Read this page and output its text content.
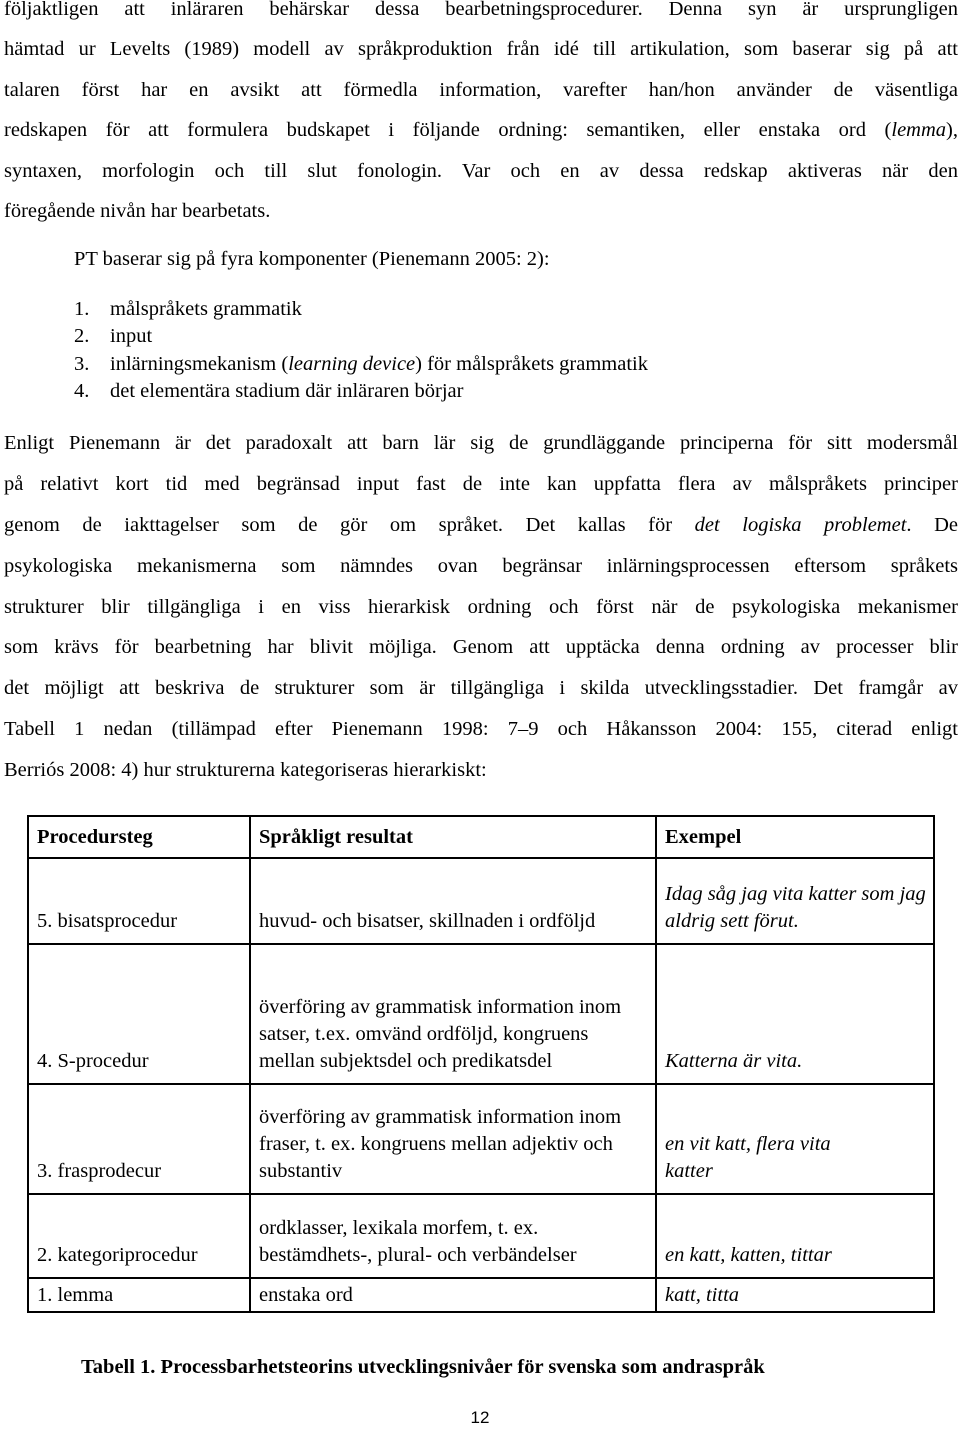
följaktligen att inläraren behärskar dessa bearbetningsprocedurer. Denna syn är ursprungligen
hämtad ur Levelts (1989) modell av språkproduktion från idé till artikulation, som baserar sig på att
talaren först har en avsikt att förmedla information, varefter han/hon använder de väsentliga
redskapen för att formulera budskapet i följande ordning: semantiken, eller enstaka ord (lemma),
syntaxen, morfologin och till slut fonologin. Var och en av dessa redskap aktiveras när den
föregående nivån har bearbetats.
PT baserar sig på fyra komponenter (Pienemann 2005: 2):
1. målspråkets grammatik
2. input
3. inlärningsmekanism (learning device) för målspråkets grammatik
4. det elementära stadium där inläraren börjar
Enligt Pienemann är det paradoxalt att barn lär sig de grundläggande principerna för sitt modersmål
på relativt kort tid med begränsad input fast de inte kan uppfatta flera av målspråkets principer
genom de iakttagelser som de gör om språket. Det kallas för det logiska problemet. De
psykologiska mekanismerna som nämndes ovan begränsar inlärningsprocessen eftersom språkets
strukturer blir tillgängliga i en viss hierarkisk ordning och först när de psykologiska mekanismer
som krävs för bearbetning har blivit möjliga. Genom att upptäcka denna ordning av processer blir
det möjligt att beskriva de strukturer som är tillgängliga i skilda utvecklingsstadier. Det framgår av
Tabell 1 nedan (tillämpad efter Pienemann 1998: 7–9 och Håkansson 2004: 155, citerad enligt
Berriós 2008: 4) hur strukturerna kategoriseras hierarkiskt:
Procedursteg	Språkligt resultat	Exempel
5. bisatsprocedur	huvud- och bisatser, skillnaden i ordföljd	Idag såg jag vita katter som jag aldrig sett förut.
4. S-procedur	överföring av grammatisk information inom satser, t.ex. omvänd ordföljd, kongruens mellan subjektsdel och predikatsdel	Katterna är vita.
3. frasprodecur	överföring av grammatisk information inom fraser, t. ex. kongruens mellan adjektiv och substantiv	en vit katt, flera vita katter
2. kategoriprocedur	ordklasser, lexikala morfem, t. ex. bestämdhets-, plural- och verbändelser	en katt, katten, tittar
1. lemma	enstaka ord	katt, titta
Tabell 1. Processbarhetsteorins utvecklingsnivåer för svenska som andraspråk
12
